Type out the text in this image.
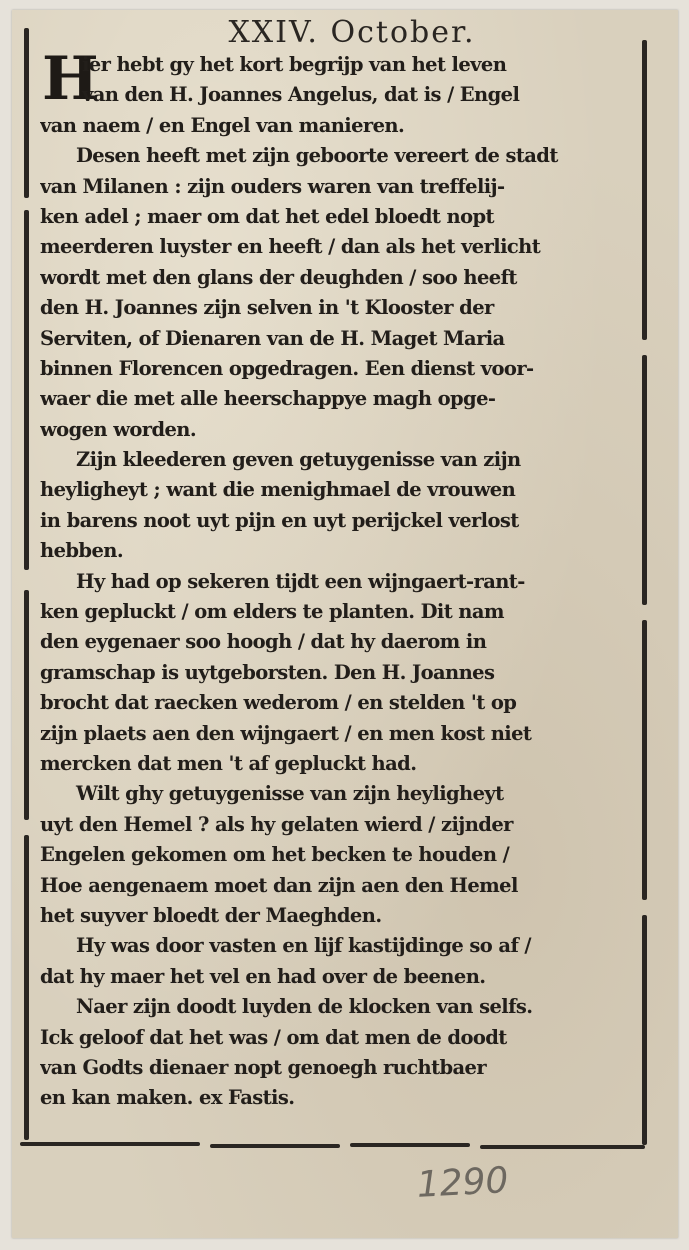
XXIV. October.
H
ier hebt gy het kort begrijp van het leven
van den H. Joannes Angelus, dat is / Engel
van naem / en Engel van manieren.
Desen heeft met zijn geboorte vereert de stadt
van Milanen : zijn ouders waren van treffelij-
ken adel ; maer om dat het edel bloedt nopt
meerderen luyster en heeft / dan als het verlicht
wordt met den glans der deughden / soo heeft
den H. Joannes zijn selven in 't Klooster der
Serviten, of Dienaren van de H. Maget Maria
binnen Florencen opgedragen. Een dienst voor-
waer die met alle heerschappye magh opge-
wogen worden.
Zijn kleederen geven getuygenisse van zijn
heyligheyt ; want die menighmael de vrouwen
in barens noot uyt pijn en uyt perijckel verlost
hebben.
Hy had op sekeren tijdt een wijngaert-rant-
ken gepluckt / om elders te planten. Dit nam
den eygenaer soo hoogh / dat hy daerom in
gramschap is uytgeborsten. Den H. Joannes
brocht dat raecken wederom / en stelden 't op
zijn plaets aen den wijngaert / en men kost niet
mercken dat men 't af gepluckt had.
Wilt ghy getuygenisse van zijn heyligheyt
uyt den Hemel ? als hy gelaten wierd / zijnder
Engelen gekomen om het becken te houden /
Hoe aengenaem moet dan zijn aen den Hemel
het suyver bloedt der Maeghden.
Hy was door vasten en lijf kastijdinge so af /
dat hy maer het vel en had over de beenen.
Naer zijn doodt luyden de klocken van selfs.
Ick geloof dat het was / om dat men de doodt
van Godts dienaer nopt genoegh ruchtbaer
en kan maken. ex Fastis.
1290
